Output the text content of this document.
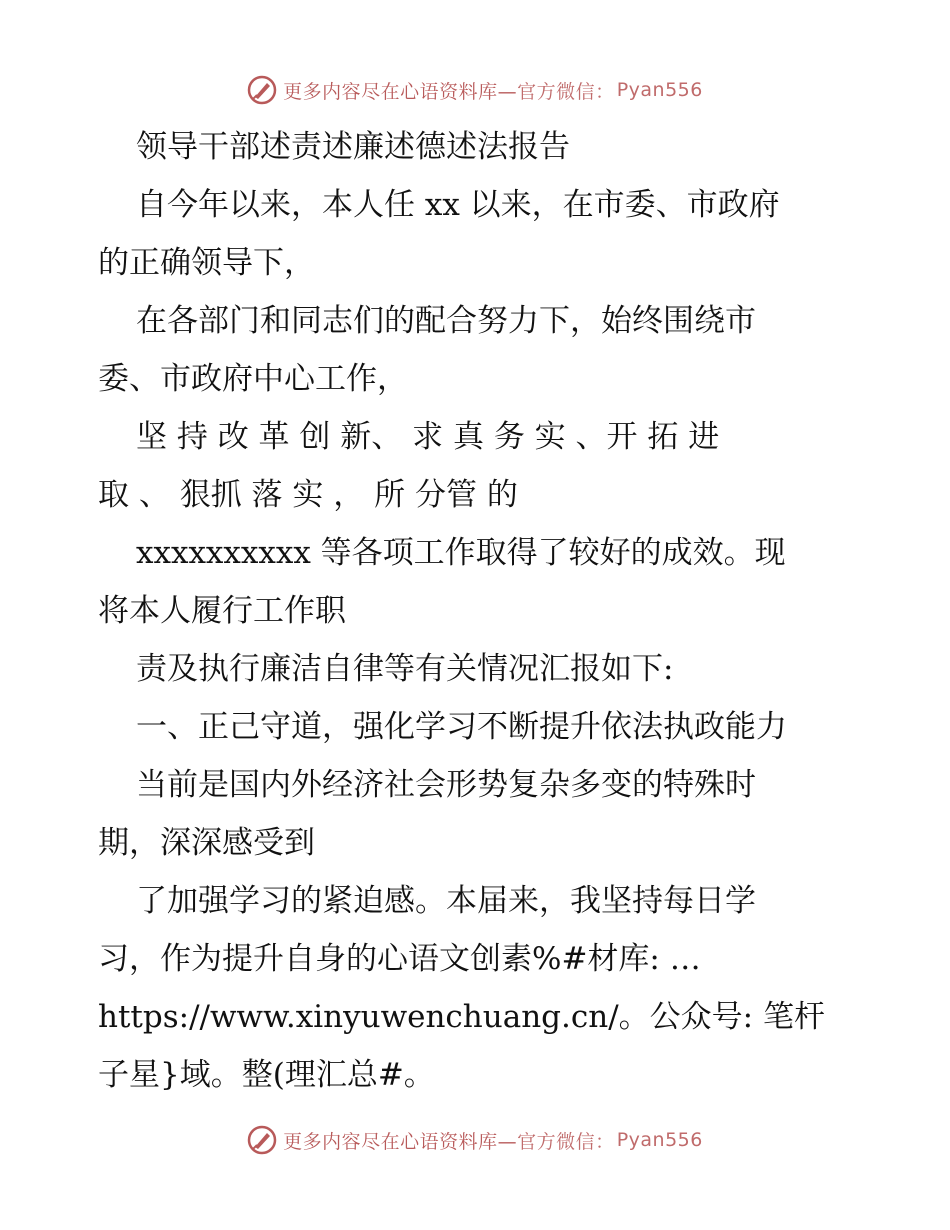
更多内容尽在心语资料库— 官方微信： Pyan556
领导干部述责述廉述德述法报告
自今年以来，本人任 xx 以来，在市委、市政府
的正确领导下，
在各部门和同志们的配合努力下，始终围绕市
委、市政府中心工作，
坚 持 改 革 创 新、 求 真 务 实 、开 拓 进
取 、 狠抓 落 实 ， 所 分管 的
xxxxxxxxxx 等各项工作取得了较好的成效。现
将本人履行工作职
责及执行廉洁自律等有关情况汇报如下:
一、正己守道，强化学习不断提升依法执政能力
当前是国内外经济社会形势复杂多变的特殊时
期，深深感受到
了加强学习的紧迫感。本届来，我坚持每日学
习，作为提升自身的心语文创素%#材库: …
https://www.xinyuwenchuang.cn/。公众号: 笔杆
子星}域。整(理汇总#。
更多内容尽在心语资料库— 官方微信： Pyan556
